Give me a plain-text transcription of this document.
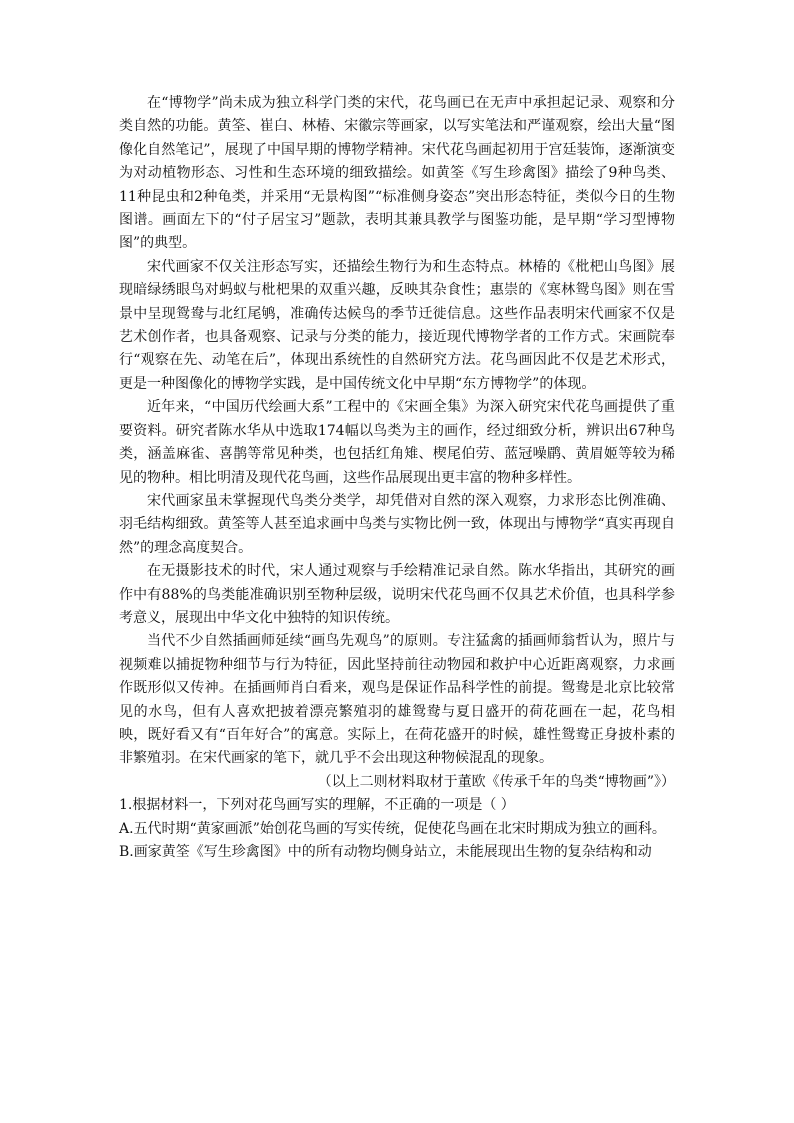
在“博物学”尚未成为独立科学门类的宋代，花鸟画已在无声中承担起记录、观察和分类自然的功能。黄筌、崔白、林椿、宋徽宗等画家，以写实笔法和严谨观察，绘出大量“图像化自然笔记”，展现了中国早期的博物学精神。宋代花鸟画起初用于宫廷装饰，逐渐演变为对动植物形态、习性和生态环境的细致描绘。如黄筌《写生珍禽图》描绘了9种鸟类、11种昆虫和2种龟类，并采用“无景构图”“标准侧身姿态”突出形态特征，类似今日的生物图谱。画面左下的“付子居宝习”题款，表明其兼具教学与图鉴功能，是早期“学习型博物图”的典型。

宋代画家不仅关注形态写实，还描绘生物行为和生态特点。林椿的《枇杷山鸟图》展现暗绿绣眼鸟对蚂蚁与枇杷果的双重兴趣，反映其杂食性；惠崇的《寒林鸳鸟图》则在雪景中呈现鸳鸯与北红尾鸲，准确传达候鸟的季节迁徙信息。这些作品表明宋代画家不仅是艺术创作者，也具备观察、记录与分类的能力，接近现代博物学者的工作方式。宋画院奉行“观察在先、动笔在后”，体现出系统性的自然研究方法。花鸟画因此不仅是艺术形式，更是一种图像化的博物学实践，是中国传统文化中早期“东方博物学”的体现。

近年来，“中国历代绘画大系”工程中的《宋画全集》为深入研究宋代花鸟画提供了重要资料。研究者陈水华从中选取174幅以鸟类为主的画作，经过细致分析，辨识出67种鸟类，涵盖麻雀、喜鹊等常见种类，也包括红角雉、楔尾伯劳、蓝冠噪鹛、黄眉姬等较为稀见的物种。相比明清及现代花鸟画，这些作品展现出更丰富的物种多样性。

宋代画家虽未掌握现代鸟类分类学，却凭借对自然的深入观察，力求形态比例准确、羽毛结构细致。黄筌等人甚至追求画中鸟类与实物比例一致，体现出与博物学“真实再现自然”的理念高度契合。

在无摄影技术的时代，宋人通过观察与手绘精准记录自然。陈水华指出，其研究的画作中有88%的鸟类能准确识别至物种层级，说明宋代花鸟画不仅具艺术价值，也具科学参考意义，展现出中华文化中独特的知识传统。

当代不少自然插画师延续“画鸟先观鸟”的原则。专注猛禽的插画师翁哲认为，照片与视频难以捕捉物种细节与行为特征，因此坚持前往动物园和救护中心近距离观察，力求画作既形似又传神。在插画师肖白看来，观鸟是保证作品科学性的前提。鸳鸯是北京比较常见的水鸟，但有人喜欢把披着漂亮繁殖羽的雄鸳鸯与夏日盛开的荷花画在一起，花鸟相映，既好看又有“百年好合”的寓意。实际上，在荷花盛开的时候，雄性鸳鸯正身披朴素的非繁殖羽。在宋代画家的笔下，就几乎不会出现这种物候混乱的现象。

（以上二则材料取材于董欧《传承千年的鸟类“博物画”》）

1.根据材料一，下列对花鸟画写实的理解，不正确的一项是（ ）

A.五代时期“黄家画派”始创花鸟画的写实传统，促使花鸟画在北宋时期成为独立的画科。

B.画家黄筌《写生珍禽图》中的所有动物均侧身站立，未能展现出生物的复杂结构和动
